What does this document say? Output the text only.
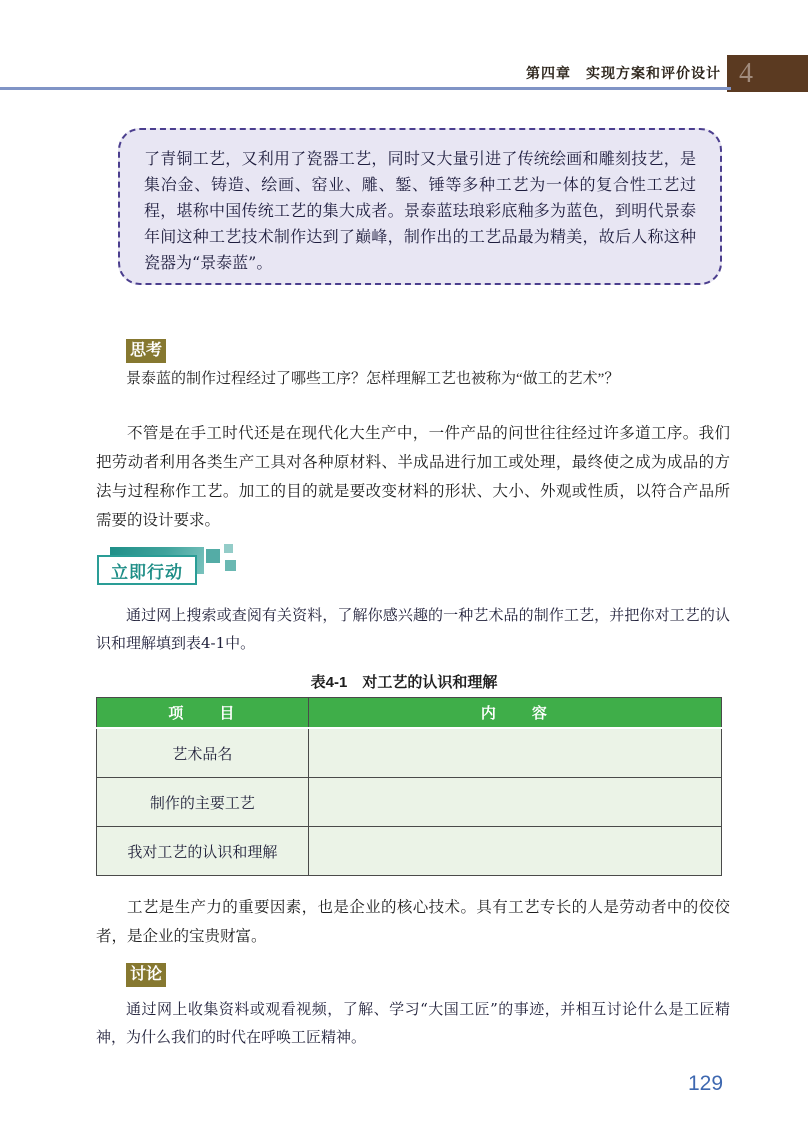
第四章　实现方案和评价设计 4
了青铜工艺，又利用了瓷器工艺，同时又大量引进了传统绘画和雕刻技艺，是集冶金、铸造、绘画、窑业、雕、錾、锤等多种工艺为一体的复合性工艺过程，堪称中国传统工艺的集大成者。景泰蓝珐琅彩底釉多为蓝色，到明代景泰年间这种工艺技术制作达到了巅峰，制作出的工艺品最为精美，故后人称这种瓷器为“景泰蓝”。
思考
景泰蓝的制作过程经过了哪些工序？怎样理解工艺也被称为“做工的艺术”？
不管是在手工时代还是在现代化大生产中，一件产品的问世往往经过许多道工序。我们把劳动者利用各类生产工具对各种原材料、半成品进行加工或处理，最终使之成为成品的方法与过程称作工艺。加工的目的就是要改变材料的形状、大小、外观或性质，以符合产品所需要的设计要求。
立即行动
通过网上搜索或查阅有关资料，了解你感兴趣的一种艺术品的制作工艺，并把你对工艺的认识和理解填到表4-1中。
表4-1　对工艺的认识和理解
项　　目	内　　容
艺术品名	
制作的主要工艺	
我对工艺的认识和理解	
工艺是生产力的重要因素，也是企业的核心技术。具有工艺专长的人是劳动者中的佼佼者，是企业的宝贵财富。
讨论
通过网上收集资料或观看视频，了解、学习“大国工匠”的事迹，并相互讨论什么是工匠精神，为什么我们的时代在呼唤工匠精神。
129
